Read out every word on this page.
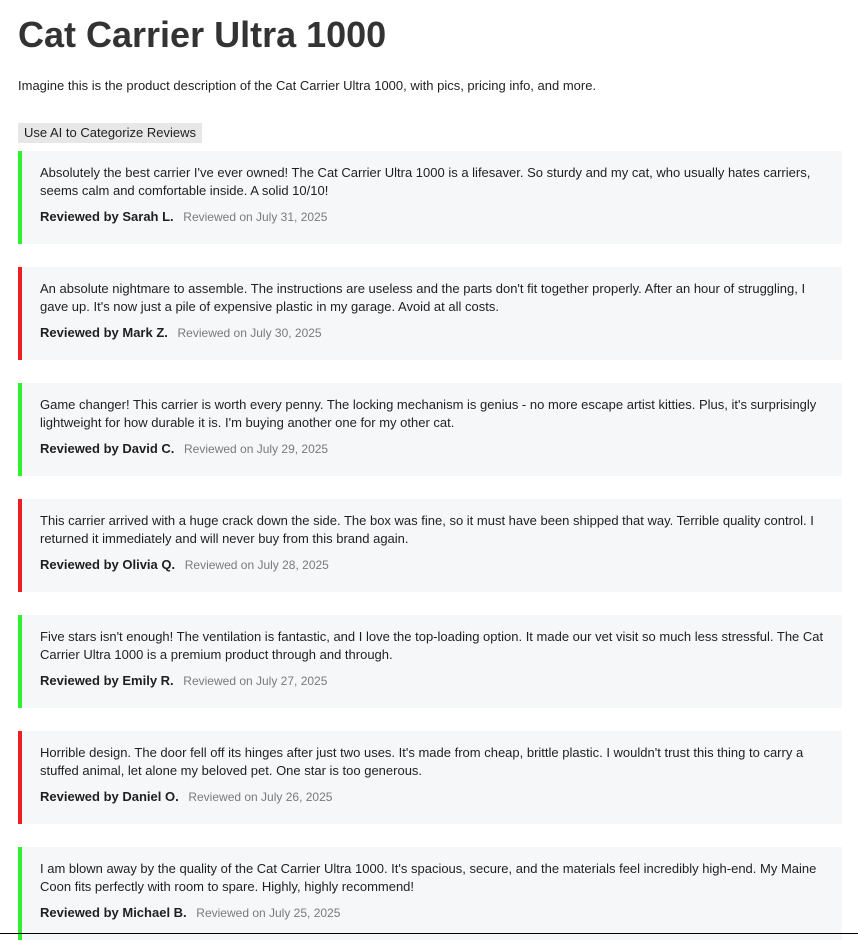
Cat Carrier Ultra 1000
Imagine this is the product description of the Cat Carrier Ultra 1000, with pics, pricing info, and more.
Use AI to Categorize Reviews

Absolutely the best carrier I've ever owned! The Cat Carrier Ultra 1000 is a lifesaver. So sturdy and my cat, who usually hates carriers, seems calm and comfortable inside. A solid 10/10!

Reviewed by Sarah L. Reviewed on July 31, 2025

An absolute nightmare to assemble. The instructions are useless and the parts don't fit together properly. After an hour of struggling, I gave up. It's now just a pile of expensive plastic in my garage. Avoid at all costs.

Reviewed by Mark Z. Reviewed on July 30, 2025

Game changer! This carrier is worth every penny. The locking mechanism is genius - no more escape artist kitties. Plus, it's surprisingly lightweight for how durable it is. I'm buying another one for my other cat.

Reviewed by David C. Reviewed on July 29, 2025

This carrier arrived with a huge crack down the side. The box was fine, so it must have been shipped that way. Terrible quality control. I returned it immediately and will never buy from this brand again.

Reviewed by Olivia Q. Reviewed on July 28, 2025

Five stars isn't enough! The ventilation is fantastic, and I love the top-loading option. It made our vet visit so much less stressful. The Cat Carrier Ultra 1000 is a premium product through and through.

Reviewed by Emily R. Reviewed on July 27, 2025

Horrible design. The door fell off its hinges after just two uses. It's made from cheap, brittle plastic. I wouldn't trust this thing to carry a stuffed animal, let alone my beloved pet. One star is too generous.

Reviewed by Daniel O. Reviewed on July 26, 2025

I am blown away by the quality of the Cat Carrier Ultra 1000. It's spacious, secure, and the materials feel incredibly high-end. My Maine Coon fits perfectly with room to spare. Highly, highly recommend!

Reviewed by Michael B. Reviewed on July 25, 2025
